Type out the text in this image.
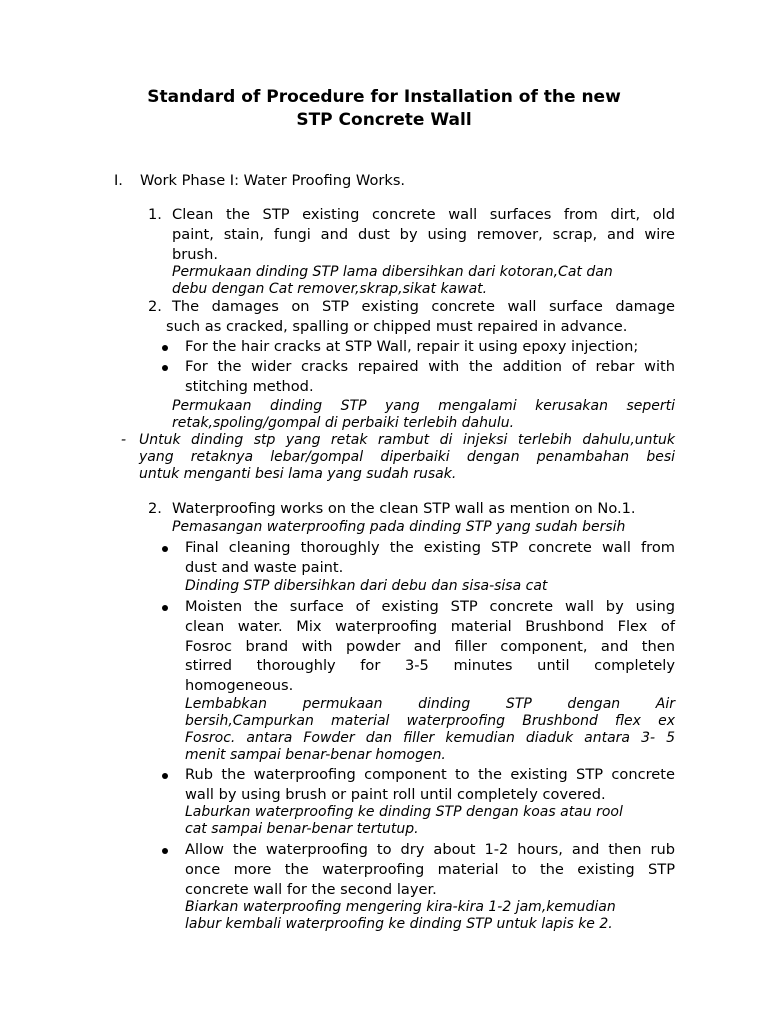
Standard of Procedure for Installation of the new
STP Concrete Wall
I. Work Phase I: Water Proofing Works.
1. Clean the STP existing concrete wall surfaces from dirt, old
paint, stain, fungi and dust by using remover, scrap, and wire
brush.
Permukaan dinding STP lama dibersihkan dari kotoran,Cat dan
debu dengan Cat remover,skrap,sikat kawat.
2. The damages on STP existing concrete wall surface damage
such as cracked, spalling or chipped must repaired in advance.
For the hair cracks at STP Wall, repair it using epoxy injection;
For the wider cracks repaired with the addition of rebar with
stitching method.
Permukaan dinding STP yang mengalami kerusakan seperti
retak,spoling/gompal di perbaiki terlebih dahulu.
- Untuk dinding stp yang retak rambut di injeksi terlebih dahulu,untuk
yang retaknya lebar/gompal diperbaiki dengan penambahan besi
untuk menganti besi lama yang sudah rusak.
2. Waterproofing works on the clean STP wall as mention on No.1.
Pemasangan waterproofing pada dinding STP yang sudah bersih
Final cleaning thoroughly the existing STP concrete wall from
dust and waste paint.
Dinding STP dibersihkan dari debu dan sisa-sisa cat
Moisten the surface of existing STP concrete wall by using
clean water. Mix waterproofing material Brushbond Flex of
Fosroc brand with powder and filler component, and then
stirred thoroughly for 3-5 minutes until completely
homogeneous.
Lembabkan permukaan dinding STP dengan Air
bersih,Campurkan material waterproofing Brushbond flex ex
Fosroc. antara Fowder dan filler kemudian diaduk antara 3- 5
menit sampai benar-benar homogen.
Rub the waterproofing component to the existing STP concrete
wall by using brush or paint roll until completely covered.
Laburkan waterproofing ke dinding STP dengan koas atau rool
cat sampai benar-benar tertutup.
Allow the waterproofing to dry about 1-2 hours, and then rub
once more the waterproofing material to the existing STP
concrete wall for the second layer.
Biarkan waterproofing mengering kira-kira 1-2 jam,kemudian
labur kembali waterproofing ke dinding STP untuk lapis ke 2.
